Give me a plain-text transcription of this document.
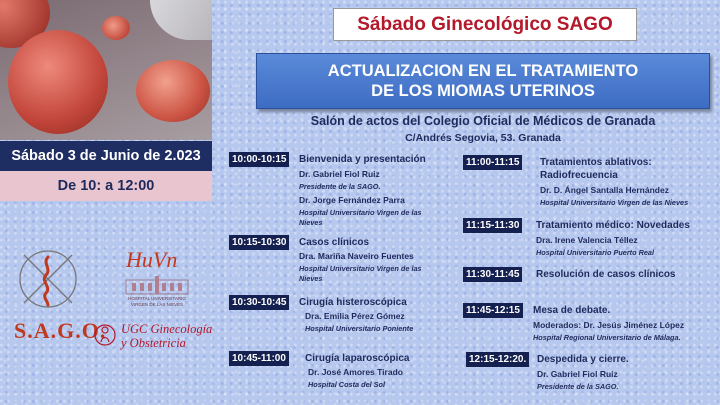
Sábado 3 de Junio de 2.023
De 10: a 12:00
Sábado Ginecológico SAGO
ACTUALIZACION EN EL TRATAMIENTO
DE LOS MIOMAS UTERINOS
Salón de actos del Colegio Oficial de Médicos de Granada
C/Andrés Segovia, 53. Granada
10:00-10:15	Bienvenida y presentación
Dr. Gabriel Fiol Ruiz
Presidente de la SAGO.
Dr. Jorge Fernández Parra
Hospital Universitario Virgen de las
Nieves
10:15-10:30	Casos clínicos
Dra. Mariña Naveiro Fuentes
Hospital Universitario Virgen de las
Nieves
10:30-10:45	Cirugía histeroscópica
Dra. Emilia Pérez Gómez
Hospital Universitario Poniente
10:45-11:00	Cirugía laparoscópica
Dr. José Amores Tirado
Hospital Costa del Sol
11:00-11:15	Tratamientos ablativos:
Radiofrecuencia
Dr. D. Ángel Santalla Hernández
Hospital Universitario Virgen de las Nieves
11:15-11:30	Tratamiento médico: Novedades
Dra. Irene Valencia Téllez
Hospital Universitario Puerto Real
11:30-11:45	Resolución de casos clínicos
11:45-12:15	Mesa de debate.
Moderados: Dr. Jesús Jiménez López
Hospital Regional Universitario de Málaga.
12:15-12:20.	Despedida y cierre.
Dr. Gabriel Fiol Ruiz
Presidente de la SAGO.
S.A.G.O.
HuVn
HOSPITAL UNIVERSITARIO
VIRGEN DE LAS NIEVES
UGC Ginecología
y Obstetricia
